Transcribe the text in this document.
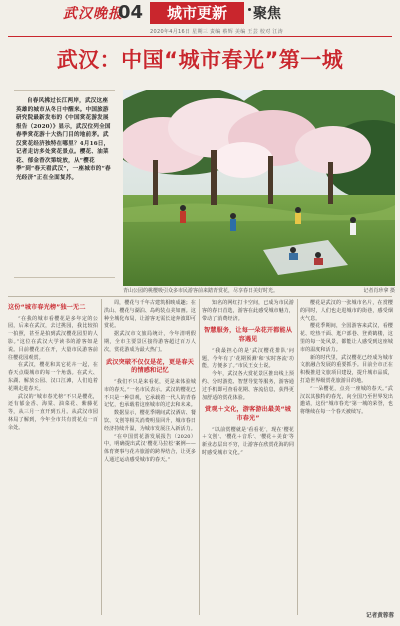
武汉晚报
04	城市更新	聚焦
2020年4月16日 星期三 责编 蔡辉 美编 王芸 校对 江涛
武汉：中国“城市春光”第一城

自春风拂过长江两岸，武汉这座英雄的城市从冬日中醒来。中国旅游研究院最新发布的《中国赏花游发展报告（2020）》显示，武汉位列全国春季赏花游十大热门目的地前茅。武汉赏花经济独特在哪里？4月16日，记者走访多处赏花景点。樱花、油菜花、郁金香次第绽放，从“樱花季”到“春天看武汉”，一座城市的“春光经济”正在全面复苏。

青山公园的桃樱吸引众多市民游客前来踏青赏花，尽享春日美好时光。	记者肖珍拿 摄
这份“城市春光榜”独一无二

“在我的城市看樱花是多年定的公园，后来在武汉，去过挑园，我比较拍一拍照，甚至是拍到武汉樱花园里的人影。”这位在武汉大学读书的游客如是说。目前樱花正在开，大量市民游客前往樱花园观赏。

在武汉，樱花和其它花卉一起，在春天点缀城市的每一个角落。在武大、东湖、解放公园、汉口江滩，人们追着花期走进春天。

武汉的“城市春光榜”不只是樱花，还有郁金香、海棠、油菜花、紫藤花等，从三月一直开到五月。从武汉市园林局了解到，今年全市共有赏花点一百余处。

周，樱花与千年古建筑相映成趣；在洪山、樱花与湖泊、岛屿装点美如画。这种全城化布局，让游客无需长途奔波即可赏花。

据武汉市文旅局统计，今年清明假期，全市主要景区接待游客超过百万人次，赏花游成为最大热门。

武汉突破不仅仅是花，更是春天的情感和记忆

“我们不只是来看花，更是来体验城市的春天。”一名市民表示。武汉的樱花已不只是一种景观，它承载着一代人的青春记忆，也承载着这座城市的过去和未来。

数据显示，樱花季期间武汉酒店、餐饮、文创等相关消费明显回升，城市春日经济持续升温，为城市发展注入新活力。

“在中国赏花游发展报告（2020）中，明确提出武汉‘樱花马拉松’案例——体育赛事与花卉旅游的跨界结合，让更多人通过运动感受城市的春天。”

知名的网红打卡空间，已成为市民游客的春日首选，游客在此感受城市魅力，带动了消费经济。

智慧服务，让每一朵花开都能从容遇见

“我最担心的是‘武汉樱花排队’问题，今年有了‘花期预测’和‘实时客流’功能，方便多了。”市民王女士说。

今年，武汉各大赏花景区推出线上预约、分时游览、智慧导览等服务，游客通过手机即可查看花期、客流信息，获得更加舒适的赏花体验。

赏观＋文化，游客游出最美“城市春光”

“以前赏樱就是‘看看花’，现在‘樱花＋文创’、‘樱花＋音乐’、‘樱花＋美食’等新业态层出不穷，让游客在欣赏花海的同时感受城市文化。”

樱花是武汉的一张城市名片，在赏樱的同时，人们也走进城市的街巷，感受烟火气息。

樱花季期间，全国游客来武汉，看樱花、吃热干面、逛户部巷、登黄鹤楼，这里的每一处风景，都能让人感受到这座城市的温度和活力。

新的时代里，武汉樱花已经成为城市文旅融合发展的重要抓手。目前全市正在积极推进文旅项目建设，提升城市品质，打造世界级赏花旅游目的地。

“一朵樱花，点亮一座城的春天。”武汉以其独特的春光，向全国乃至世界发出邀请，这份“城市春光”第一城的荣誉，也将继续在每一个春天被续写。

记者黄蓉蓉
